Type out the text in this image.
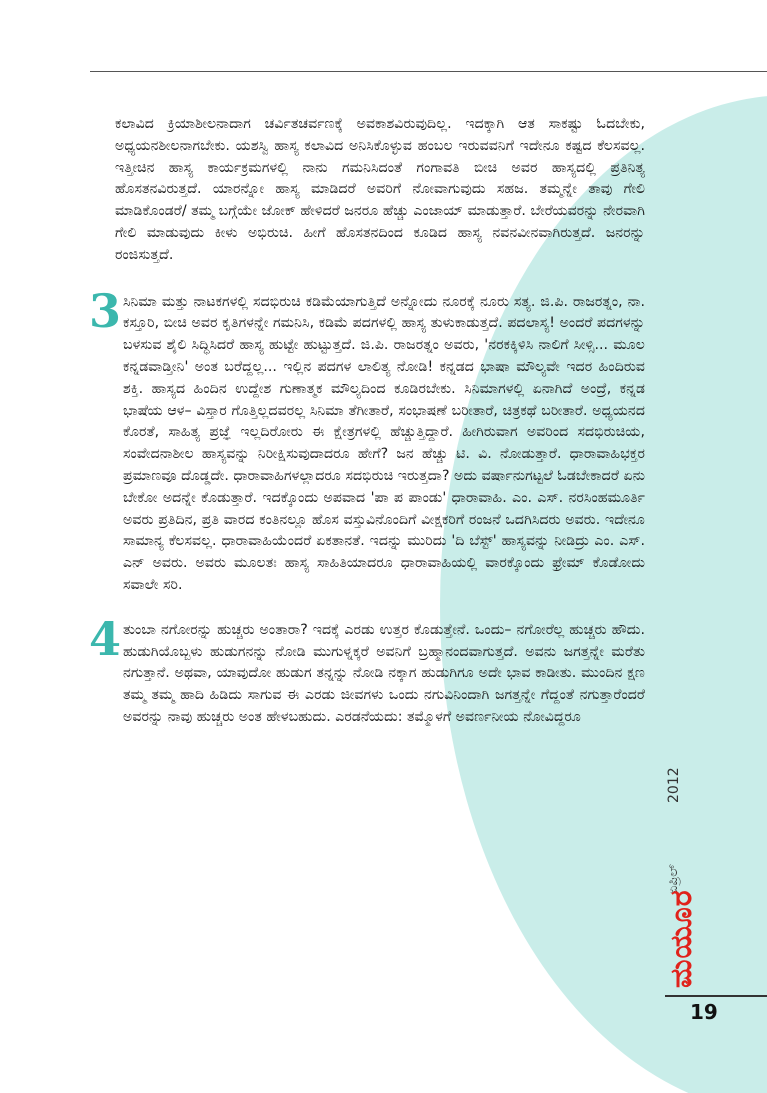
ಕಲಾವಿದ ಕ್ರಿಯಾಶೀಲನಾದಾಗ ಚರ್ವಿತಚರ್ವಣಕ್ಕೆ ಅವಕಾಶವಿರುವುದಿಲ್ಲ. ಇದಕ್ಕಾಗಿ ಆತ ಸಾಕಷ್ಟು ಓದಬೇಕು, ಅಧ್ಯಯನಶೀಲನಾಗಬೇಕು. ಯಶಸ್ವಿ ಹಾಸ್ಯ ಕಲಾವಿದ ಅನಿಸಿಕೊಳ್ಳುವ ಹಂಬಲ ಇರುವವನಿಗೆ ಇದೇನೂ ಕಷ್ಟದ ಕೆಲಸವಲ್ಲ. ಇತ್ತೀಚಿನ ಹಾಸ್ಯ ಕಾರ್ಯಕ್ರಮಗಳಲ್ಲಿ ನಾನು ಗಮನಿಸಿದಂತೆ ಗಂಗಾವತಿ ಬೀಚಿ ಅವರ ಹಾಸ್ಯದಲ್ಲಿ ಪ್ರತಿನಿತ್ಯ ಹೊಸತನವಿರುತ್ತದೆ. ಯಾರನ್ನೋ ಹಾಸ್ಯ ಮಾಡಿದರೆ ಅವರಿಗೆ ನೋವಾಗುವುದು ಸಹಜ. ತಮ್ಮನ್ನೇ ತಾವು ಗೇಲಿ ಮಾಡಿಕೊಂಡರೆ/ ತಮ್ಮ ಬಗ್ಗೆಯೇ ಜೋಕ್ ಹೇಳಿದರೆ ಜನರೂ ಹೆಚ್ಚು ಎಂಜಾಯ್ ಮಾಡುತ್ತಾರೆ. ಬೇರೆಯವರನ್ನು ನೇರವಾಗಿ ಗೇಲಿ ಮಾಡುವುದು ಕೀಳು ಅಭಿರುಚಿ. ಹೀಗೆ ಹೊಸತನದಿಂದ ಕೂಡಿದ ಹಾಸ್ಯ ನವನವೀನವಾಗಿರುತ್ತದೆ. ಜನರನ್ನು ರಂಜಿಸುತ್ತದೆ.

3 ಸಿನಿಮಾ ಮತ್ತು ನಾಟಕಗಳಲ್ಲಿ ಸದಭಿರುಚಿ ಕಡಿಮೆಯಾಗುತ್ತಿದೆ ಅನ್ನೋದು ನೂರಕ್ಕೆ ನೂರು ಸತ್ಯ. ಜಿ.ಪಿ. ರಾಜರತ್ನಂ, ನಾ. ಕಸ್ತೂರಿ, ಬೀಚಿ ಅವರ ಕೃತಿಗಳನ್ನೇ ಗಮನಿಸಿ, ಕಡಿಮೆ ಪದಗಳಲ್ಲಿ ಹಾಸ್ಯ ತುಳುಕಾಡುತ್ತದೆ. ಪದಲಾಸ್ಯ! ಅಂದರೆ ಪದಗಳನ್ನು ಬಳಸುವ ಶೈಲಿ ಸಿದ್ಧಿಸಿದರೆ ಹಾಸ್ಯ ಹುಟ್ಟೇ ಹುಟ್ಟುತ್ತದೆ. ಜಿ.ಪಿ. ರಾಜರತ್ನಂ ಅವರು, 'ನರಕಕ್ಕಿಳಿಸಿ ನಾಲಿಗೆ ಸೀಳ್ಸಿ... ಮೂಲ ಕನ್ನಡವಾಡ್ತೀನಿ' ಅಂತ ಬರೆದ್ದಲ್ಲ... ಇಲ್ಲಿನ ಪದಗಳ ಲಾಲಿತ್ಯ ನೋಡಿ! ಕನ್ನಡದ ಭಾಷಾ ಮೌಲ್ಯವೇ ಇದರ ಹಿಂದಿರುವ ಶಕ್ತಿ. ಹಾಸ್ಯದ ಹಿಂದಿನ ಉದ್ದೇಶ ಗುಣಾತ್ಮಕ ಮೌಲ್ಯದಿಂದ ಕೂಡಿರಬೇಕು. ಸಿನಿಮಾಗಳಲ್ಲಿ ಏನಾಗಿದೆ ಅಂದ್ರೆ, ಕನ್ನಡ ಭಾಷೆಯ ಆಳ– ವಿಸ್ತಾರ ಗೊತ್ತಿಲ್ಲದವರಲ್ಲ ಸಿನಿಮಾ ತೆಗೀತಾರೆ, ಸಂಭಾಷಣೆ ಬರೀತಾರೆ, ಚಿತ್ರಕಥೆ ಬರೀತಾರೆ. ಅಧ್ಯಯನದ ಕೊರತೆ, ಸಾಹಿತ್ಯ ಪ್ರಜ್ಞೆ ಇಲ್ಲದಿರೋರು ಈ ಕ್ಷೇತ್ರಗಳಲ್ಲಿ ಹೆಚ್ಚುತ್ತಿದ್ದಾರೆ. ಹೀಗಿರುವಾಗ ಅವರಿಂದ ಸದಭಿರುಚಿಯ, ಸಂವೇದನಾಶೀಲ ಹಾಸ್ಯವನ್ನು ನಿರೀಕ್ಷಿಸುವುದಾದರೂ ಹೇಗೆ? ಜನ ಹೆಚ್ಚು ಟಿ. ವಿ. ನೋಡುತ್ತಾರೆ. ಧಾರಾವಾಹಿಭಕ್ತರ ಪ್ರಮಾಣವೂ ದೊಡ್ಡದೇ. ಧಾರಾವಾಹಿಗಳಲ್ಲಾದರೂ ಸದಭಿರುಚಿ ಇರುತ್ತದಾ? ಅದು ವರ್ಷಾನುಗಟ್ಟಲೆ ಓಡಬೇಕಾದರೆ ಏನು ಬೇಕೋ ಅದನ್ನೇ ಕೊಡುತ್ತಾರೆ. ಇದಕ್ಕೊಂದು ಅಪವಾದ 'ಪಾ ಪ ಪಾಂಡು' ಧಾರಾವಾಹಿ. ಎಂ. ಎಸ್. ನರಸಿಂಹಮೂರ್ತಿ ಅವರು ಪ್ರತಿದಿನ, ಪ್ರತಿ ವಾರದ ಕಂತಿನಲ್ಲೂ ಹೊಸ ವಸ್ತುವಿನೊಂದಿಗೆ ವೀಕ್ಷಕರಿಗೆ ರಂಜನೆ ಒದಗಿಸಿದರು ಅವರು. ಇದೇನೂ ಸಾಮಾನ್ಯ ಕೆಲಸವಲ್ಲ. ಧಾರಾವಾಹಿಯೆಂದರೆ ಏಕತಾನತೆ. ಇದನ್ನು ಮುರಿದು 'ದಿ ಬೆಸ್ಟ್' ಹಾಸ್ಯವನ್ನು ನೀಡಿದ್ರು ಎಂ. ಎಸ್. ಎನ್ ಅವರು. ಅವರು ಮೂಲತಃ ಹಾಸ್ಯ ಸಾಹಿತಿಯಾದರೂ ಧಾರಾವಾಹಿಯಲ್ಲಿ ವಾರಕ್ಕೊಂದು ಫ್ರೇಮ್ ಕೊಡೋದು ಸವಾಲೇ ಸರಿ.

4 ತುಂಬಾ ನಗೋರನ್ನು ಹುಚ್ಚರು ಅಂತಾರಾ? ಇದಕ್ಕೆ ಎರಡು ಉತ್ತರ ಕೊಡುತ್ತೇನೆ. ಒಂದು– ನಗೋರೆಲ್ಲ ಹುಚ್ಚರು ಹೌದು. ಹುಡುಗಿಯೊಬ್ಬಳು ಹುಡುಗನನ್ನು ನೋಡಿ ಮುಗುಳ್ನಕ್ಕರೆ ಅವನಿಗೆ ಬ್ರಹ್ಮಾನಂದವಾಗುತ್ತದೆ. ಅವನು ಜಗತ್ತನ್ನೇ ಮರೆತು ನಗುತ್ತಾನೆ. ಅಥವಾ, ಯಾವುದೋ ಹುಡುಗ ತನ್ನನ್ನು ನೋಡಿ ನಕ್ಕಾಗ ಹುಡುಗಿಗೂ ಅದೇ ಭಾವ ಕಾಡೀತು. ಮುಂದಿನ ಕ್ಷಣ ತಮ್ಮ ತಮ್ಮ ಹಾದಿ ಹಿಡಿದು ಸಾಗುವ ಈ ಎರಡು ಜೀವಗಳು ಒಂದು ನಗುವಿನಿಂದಾಗಿ ಜಗತ್ತನ್ನೇ ಗೆದ್ದಂತೆ ನಗುತ್ತಾರೆಂದರೆ ಅವರನ್ನು ನಾವು ಹುಚ್ಚರು ಅಂತ ಹೇಳಬಹುದು. ಎರಡನೆಯದು: ತಮ್ಮೊಳಗೆ ಅವರ್ಣನೀಯ ನೋವಿದ್ದರೂ

2012
ಏಪ್ರಿಲ್
ಮಯೂರ
19
